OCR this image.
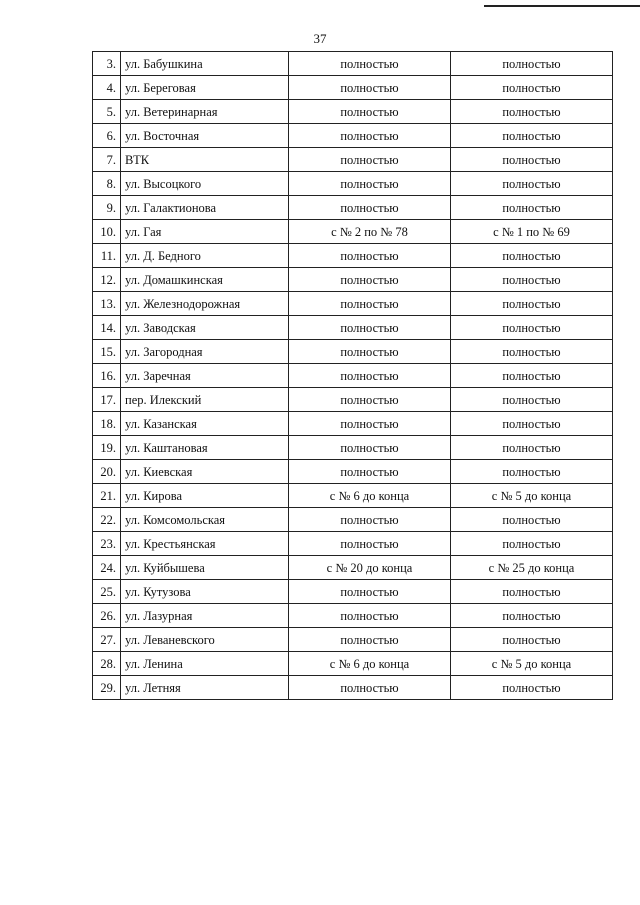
37
3.	ул. Бабушкина	полностью	полностью
4.	ул. Береговая	полностью	полностью
5.	ул. Ветеринарная	полностью	полностью
6.	ул. Восточная	полностью	полностью
7.	ВТК	полностью	полностью
8.	ул. Высоцкого	полностью	полностью
9.	ул. Галактионова	полностью	полностью
10.	ул. Гая	с № 2 по № 78	с № 1 по № 69
11.	ул. Д. Бедного	полностью	полностью
12.	ул. Домашкинская	полностью	полностью
13.	ул. Железнодорожная	полностью	полностью
14.	ул. Заводская	полностью	полностью
15.	ул. Загородная	полностью	полностью
16.	ул. Заречная	полностью	полностью
17.	пер. Илекский	полностью	полностью
18.	ул. Казанская	полностью	полностью
19.	ул. Каштановая	полностью	полностью
20.	ул. Киевская	полностью	полностью
21.	ул. Кирова	с № 6 до конца	с № 5 до конца
22.	ул. Комсомольская	полностью	полностью
23.	ул. Крестьянская	полностью	полностью
24.	ул. Куйбышева	с № 20 до конца	с № 25 до конца
25.	ул. Кутузова	полностью	полностью
26.	ул. Лазурная	полностью	полностью
27.	ул. Леваневского	полностью	полностью
28.	ул. Ленина	с № 6 до конца	с № 5 до конца
29.	ул. Летняя	полностью	полностью
